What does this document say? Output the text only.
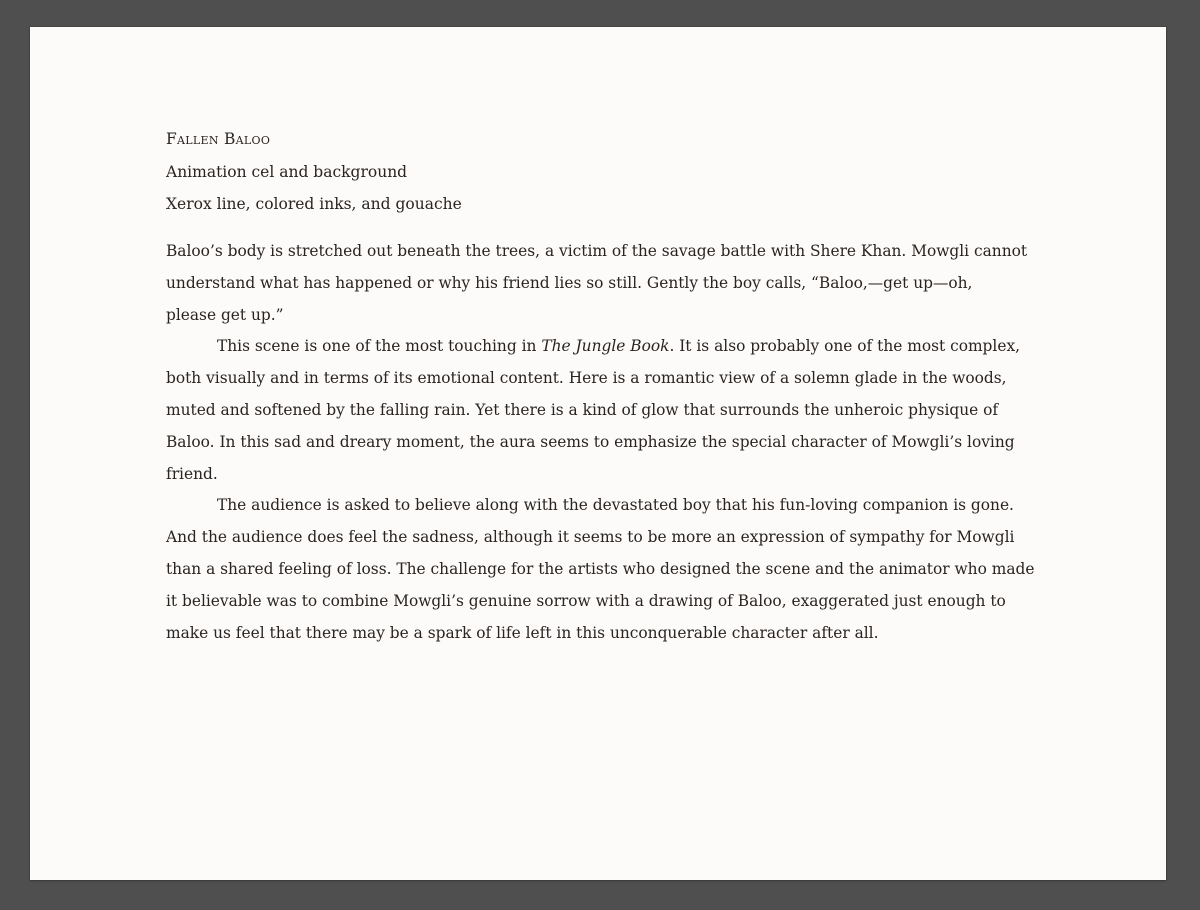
Fallen Baloo
Animation cel and background
Xerox line, colored inks, and gouache
Baloo’s body is stretched out beneath the trees, a victim of the savage battle with Shere Khan. Mowgli cannot
understand what has happened or why his friend lies so still. Gently the boy calls, “Baloo,—get up—oh,
please get up.”
This scene is one of the most touching in The Jungle Book. It is also probably one of the most complex,
both visually and in terms of its emotional content. Here is a romantic view of a solemn glade in the woods,
muted and softened by the falling rain. Yet there is a kind of glow that surrounds the unheroic physique of
Baloo. In this sad and dreary moment, the aura seems to emphasize the special character of Mowgli’s loving
friend.
The audience is asked to believe along with the devastated boy that his fun-loving companion is gone.
And the audience does feel the sadness, although it seems to be more an expression of sympathy for Mowgli
than a shared feeling of loss. The challenge for the artists who designed the scene and the animator who made
it believable was to combine Mowgli’s genuine sorrow with a drawing of Baloo, exaggerated just enough to
make us feel that there may be a spark of life left in this unconquerable character after all.
